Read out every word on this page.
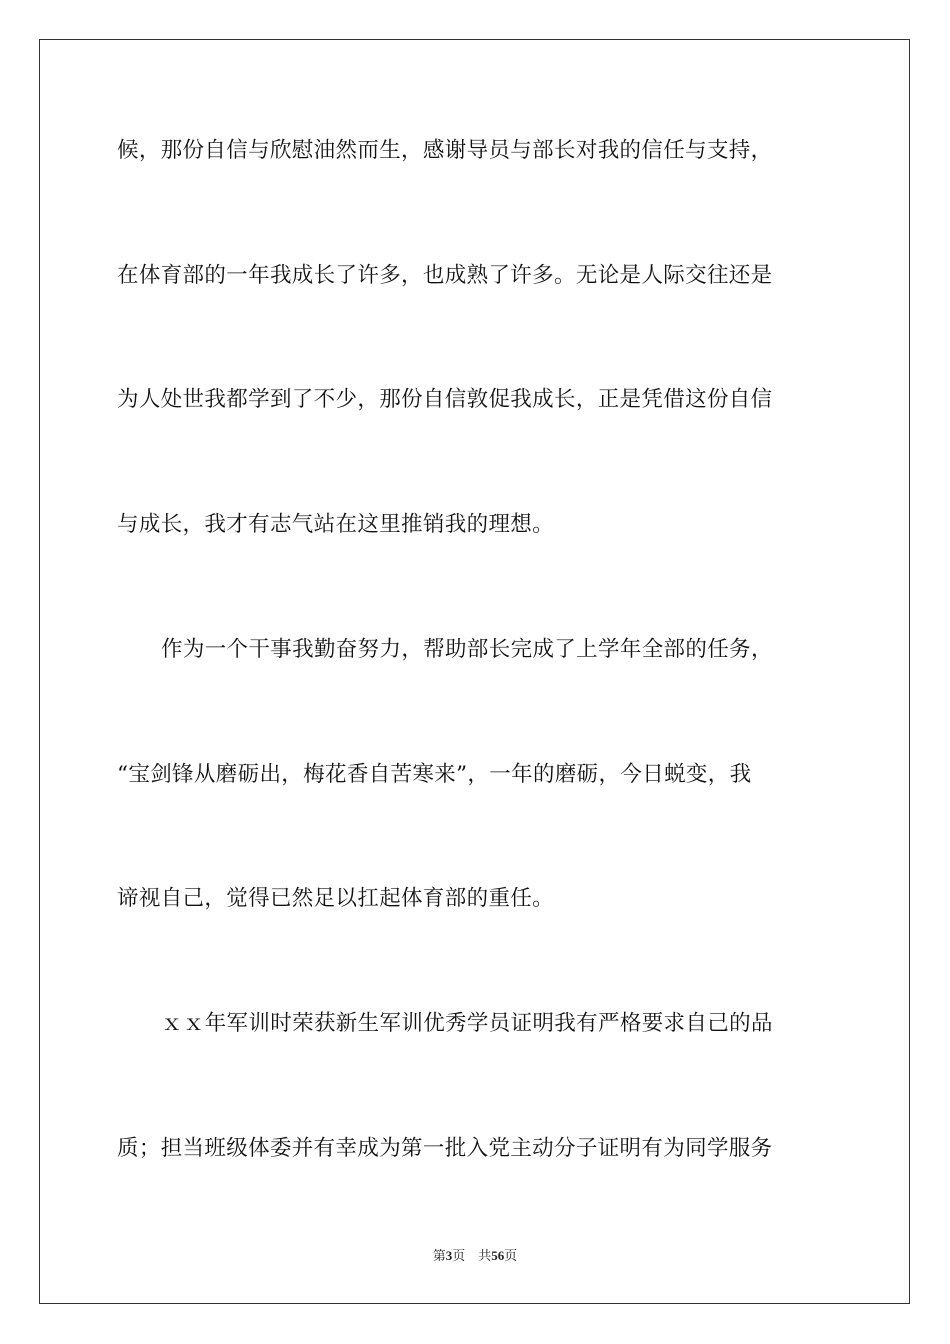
候，那份自信与欣慰油然而生，感谢导员与部长对我的信任与支持，
在体育部的一年我成长了许多，也成熟了许多。无论是人际交往还是
为人处世我都学到了不少，那份自信敦促我成长，正是凭借这份自信
与成长，我才有志气站在这里推销我的理想。
作为一个干事我勤奋努力，帮助部长完成了上学年全部的任务，
“宝剑锋从磨砺出，梅花香自苦寒来”，一年的磨砺，今日蜕变，我
谛视自己，觉得已然足以扛起体育部的重任。
ｘｘ年军训时荣获新生军训优秀学员证明我有严格要求自己的品
质；担当班级体委并有幸成为第一批入党主动分子证明有为同学服务
第3页　共56页
